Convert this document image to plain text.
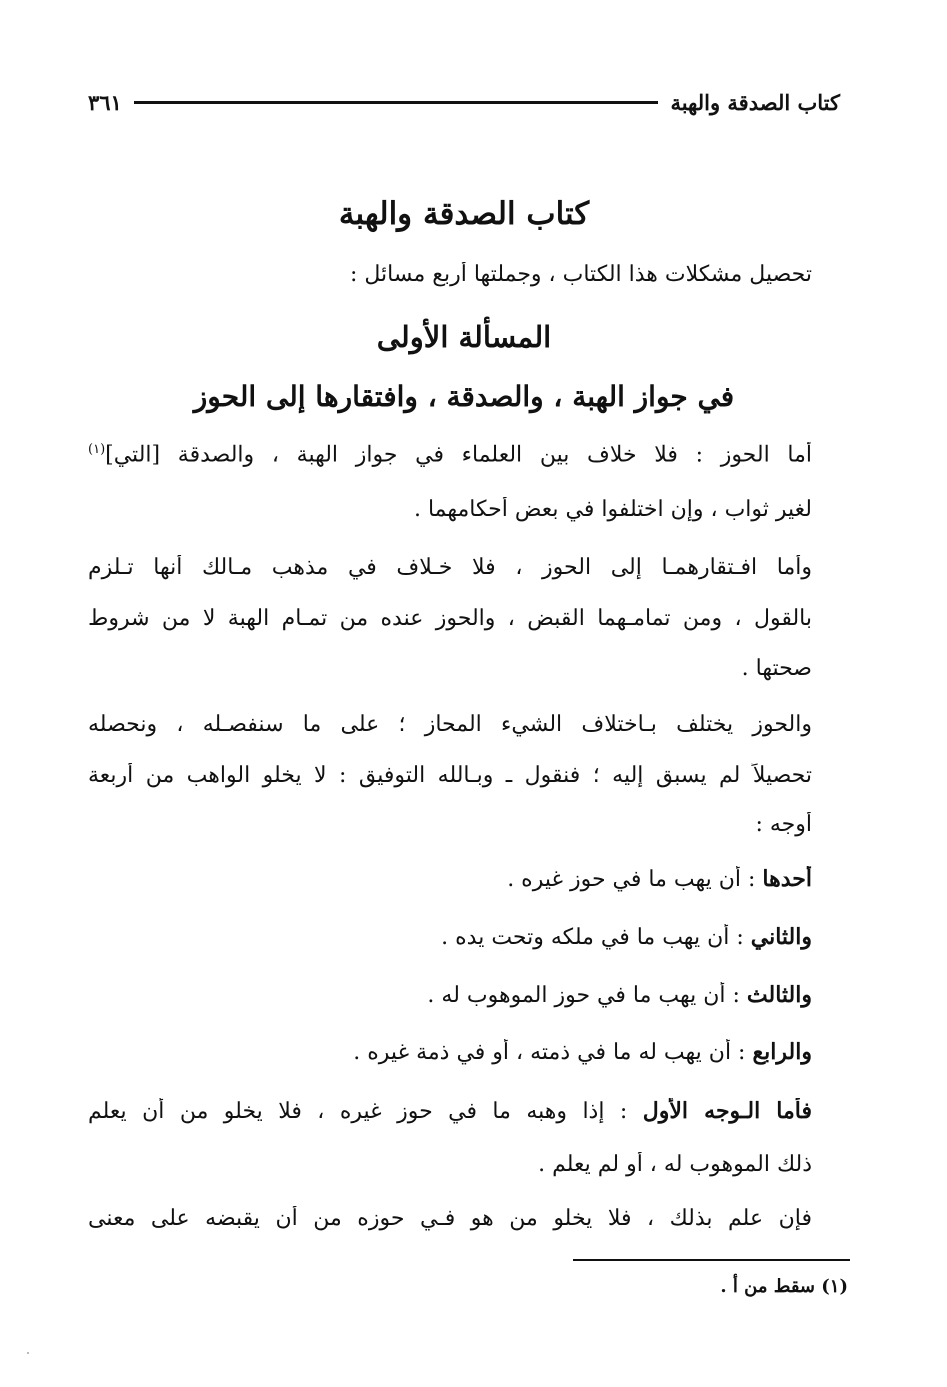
كتاب الصدقة والهبة
٣٦١
كتاب الصدقة والهبة
تحصيل مشكلات هذا الكتاب ، وجملتها أربع مسائل :
المسألة الأولى
في جواز الهبة ، والصدقة ، وافتقارها إلى الحوز
أما الحوز : فلا خلاف بين العلماء في جواز الهبة ، والصدقة [التي]$^{(١)}$
لغير ثواب ، وإن اختلفوا في بعض أحكامهما .
وأما افـتقارهمـا إلى الحوز ، فلا خـلاف في مذهب مـالك أنها تـلزم
بالقول ، ومن تمامـهما القبض ، والحوز عنده من تمـام الهبة لا من شروط
صحتها .
والحوز يختلف بـاختلاف الشيء المحاز ؛ على ما سنفصـله ، ونحصله
تحصيلاً لم يسبق إليه ؛ فنقول ـ وبـالله التوفيق : لا يخلو الواهب من أربعة
أوجه :
أحدها : أن يهب ما في حوز غيره .
والثاني : أن يهب ما في ملكه وتحت يده .
والثالث : أن يهب ما في حوز الموهوب له .
والرابع : أن يهب له ما في ذمته ، أو في ذمة غيره .
فأما الـوجه الأول : إذا وهبه ما في حوز غيره ، فلا يخلو من أن يعلم
ذلك الموهوب له ، أو لم يعلم .
فإن علم بذلك ، فلا يخلو من هو فـي حوزه من أن يقبضه على معنى
(١) سقط من أ .
